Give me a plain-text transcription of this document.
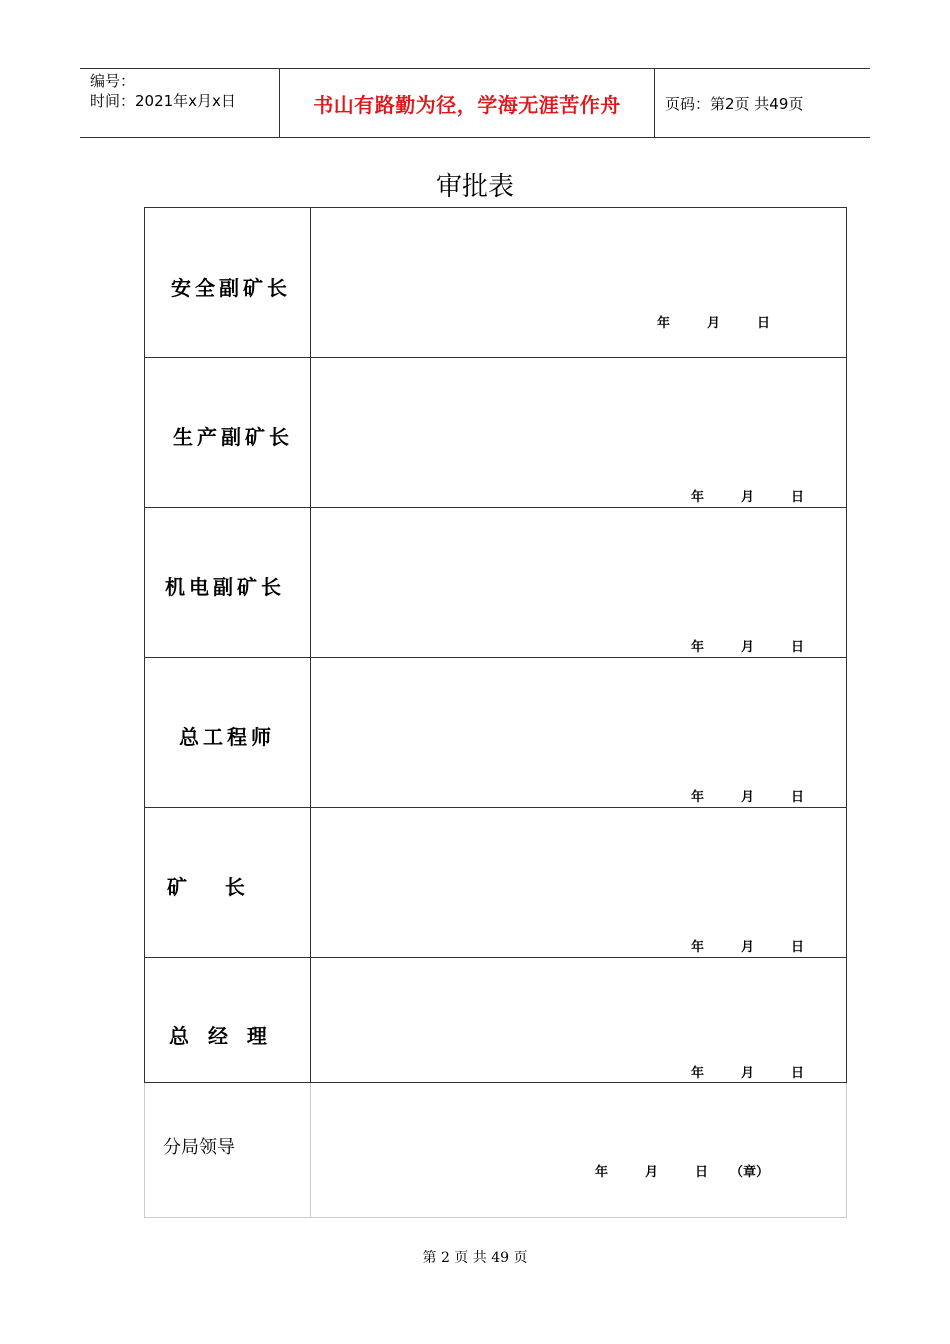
编号：
时间：2021年x月x日	书山有路勤为径，学海无涯苦作舟	页码：第2页 共49页
审批表
安全副矿长	年 月 日

生产副矿长	年 月 日

机电副矿长	年 月 日

总工程师	年 月 日

矿  长	年 月 日

总 经 理	年 月 日

分局领导	年 月 日 （章）
第 2 页 共 49 页
